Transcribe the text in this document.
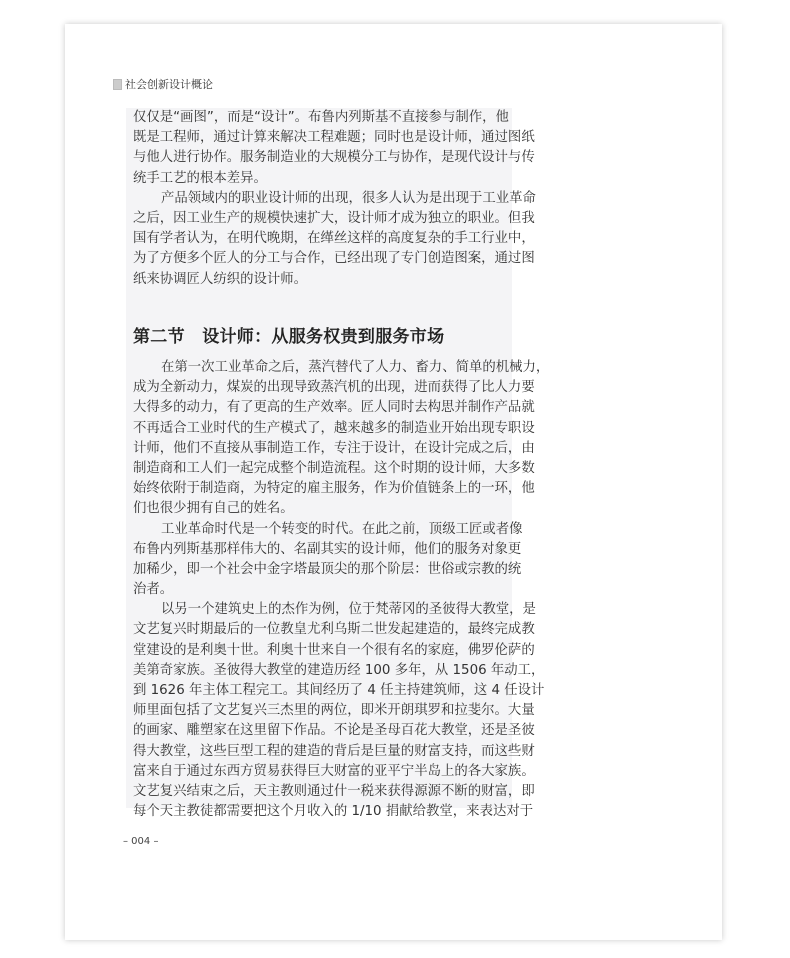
社会创新设计概论
仅仅是“画图”，而是“设计”。布鲁内列斯基不直接参与制作，他
既是工程师，通过计算来解决工程难题；同时也是设计师，通过图纸
与他人进行协作。服务制造业的大规模分工与协作，是现代设计与传
统手工艺的根本差异。
产品领域内的职业设计师的出现，很多人认为是出现于工业革命
之后，因工业生产的规模快速扩大，设计师才成为独立的职业。但我
国有学者认为，在明代晚期，在缂丝这样的高度复杂的手工行业中，
为了方便多个匠人的分工与合作，已经出现了专门创造图案，通过图
纸来协调匠人纺织的设计师。
第二节　设计师：从服务权贵到服务市场
在第一次工业革命之后，蒸汽替代了人力、畜力、简单的机械力，
成为全新动力，煤炭的出现导致蒸汽机的出现，进而获得了比人力要
大得多的动力，有了更高的生产效率。匠人同时去构思并制作产品就
不再适合工业时代的生产模式了，越来越多的制造业开始出现专职设
计师，他们不直接从事制造工作，专注于设计，在设计完成之后，由
制造商和工人们一起完成整个制造流程。这个时期的设计师，大多数
始终依附于制造商，为特定的雇主服务，作为价值链条上的一环，他
们也很少拥有自己的姓名。
工业革命时代是一个转变的时代。在此之前，顶级工匠或者像
布鲁内列斯基那样伟大的、名副其实的设计师，他们的服务对象更
加稀少，即一个社会中金字塔最顶尖的那个阶层：世俗或宗教的统
治者。
以另一个建筑史上的杰作为例，位于梵蒂冈的圣彼得大教堂，是
文艺复兴时期最后的一位教皇尤利乌斯二世发起建造的，最终完成教
堂建设的是利奥十世。利奥十世来自一个很有名的家庭，佛罗伦萨的
美第奇家族。圣彼得大教堂的建造历经 100 多年，从 1506 年动工，
到 1626 年主体工程完工。其间经历了 4 任主持建筑师，这 4 任设计
师里面包括了文艺复兴三杰里的两位，即米开朗琪罗和拉斐尔。大量
的画家、雕塑家在这里留下作品。不论是圣母百花大教堂，还是圣彼
得大教堂，这些巨型工程的建造的背后是巨量的财富支持，而这些财
富来自于通过东西方贸易获得巨大财富的亚平宁半岛上的各大家族。
文艺复兴结束之后，天主教则通过什一税来获得源源不断的财富，即
每个天主教徒都需要把这个月收入的 1/10 捐献给教堂，来表达对于
– 004 –
